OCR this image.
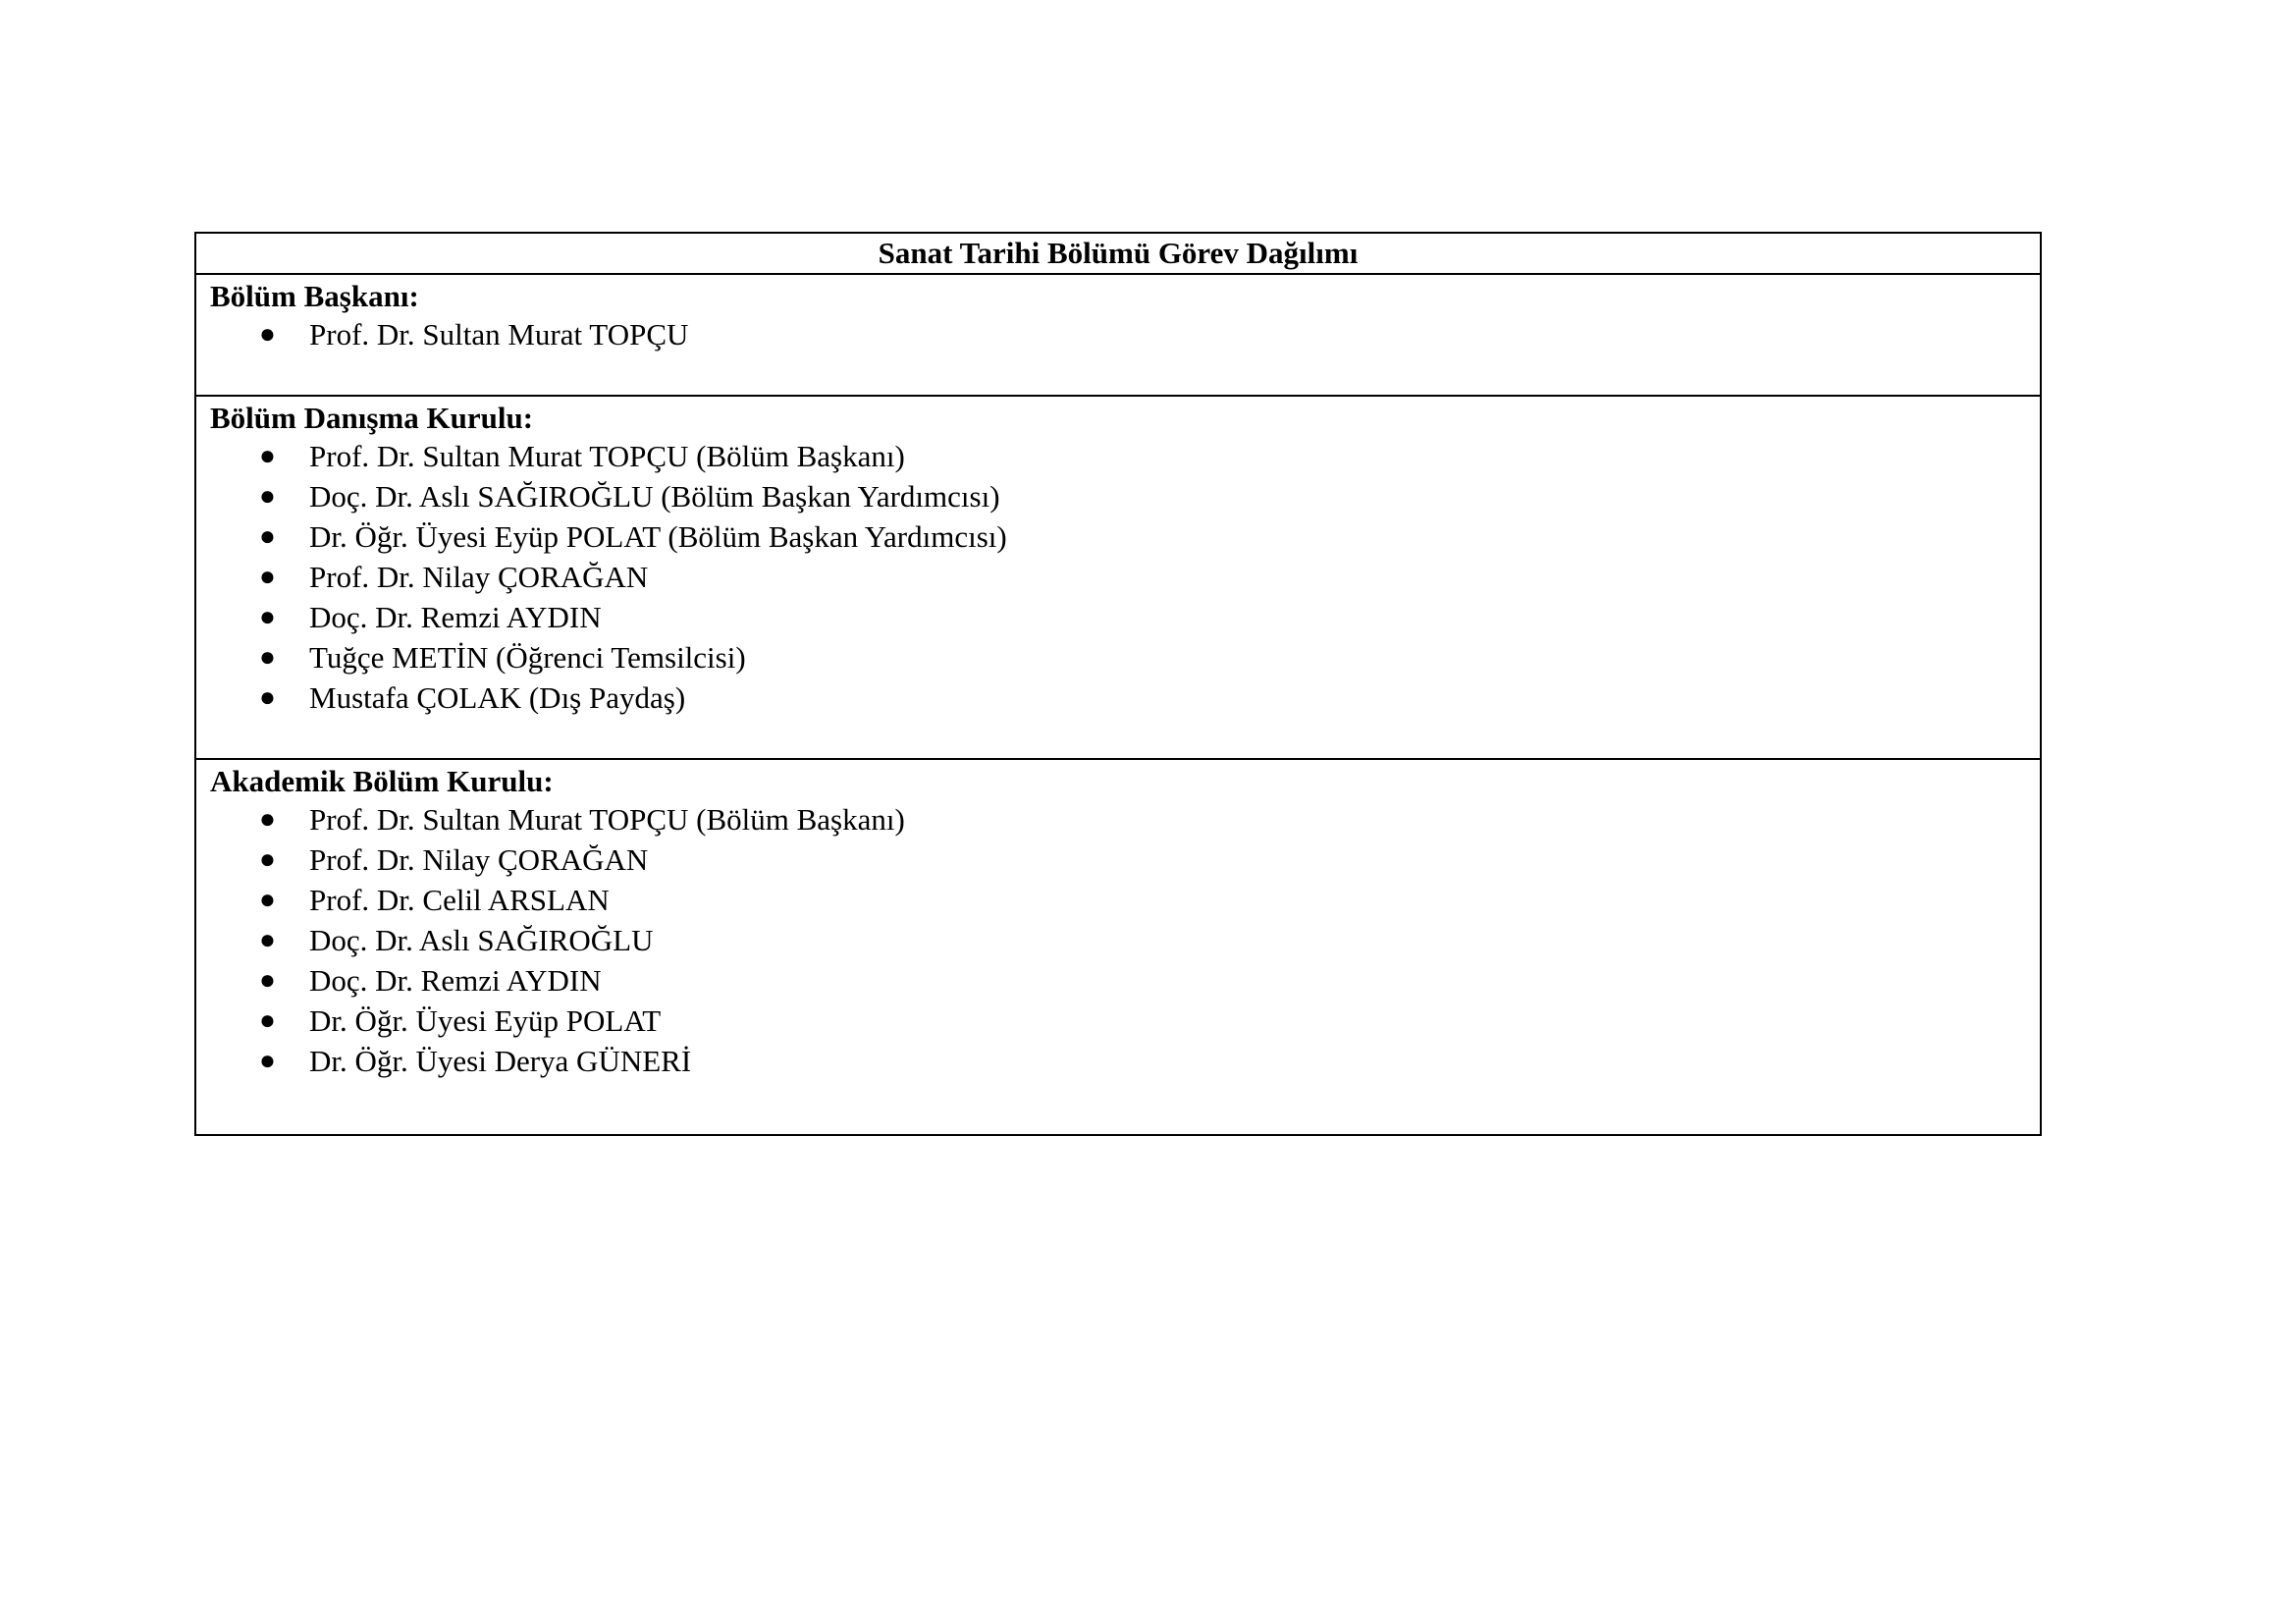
Sanat Tarihi Bölümü Görev Dağılımı

Bölüm Başkanı:

● Prof. Dr. Sultan Murat TOPÇU

Bölüm Danışma Kurulu:

● Prof. Dr. Sultan Murat TOPÇU (Bölüm Başkanı)
● Doç. Dr. Aslı SAĞIROĞLU (Bölüm Başkan Yardımcısı)
● Dr. Öğr. Üyesi Eyüp POLAT (Bölüm Başkan Yardımcısı)
● Prof. Dr. Nilay ÇORAĞAN
● Doç. Dr. Remzi AYDIN
● Tuğçe METİN (Öğrenci Temsilcisi)
● Mustafa ÇOLAK (Dış Paydaş)

Akademik Bölüm Kurulu:

● Prof. Dr. Sultan Murat TOPÇU (Bölüm Başkanı)
● Prof. Dr. Nilay ÇORAĞAN
● Prof. Dr. Celil ARSLAN
● Doç. Dr. Aslı SAĞIROĞLU
● Doç. Dr. Remzi AYDIN
● Dr. Öğr. Üyesi Eyüp POLAT
● Dr. Öğr. Üyesi Derya GÜNERİ
